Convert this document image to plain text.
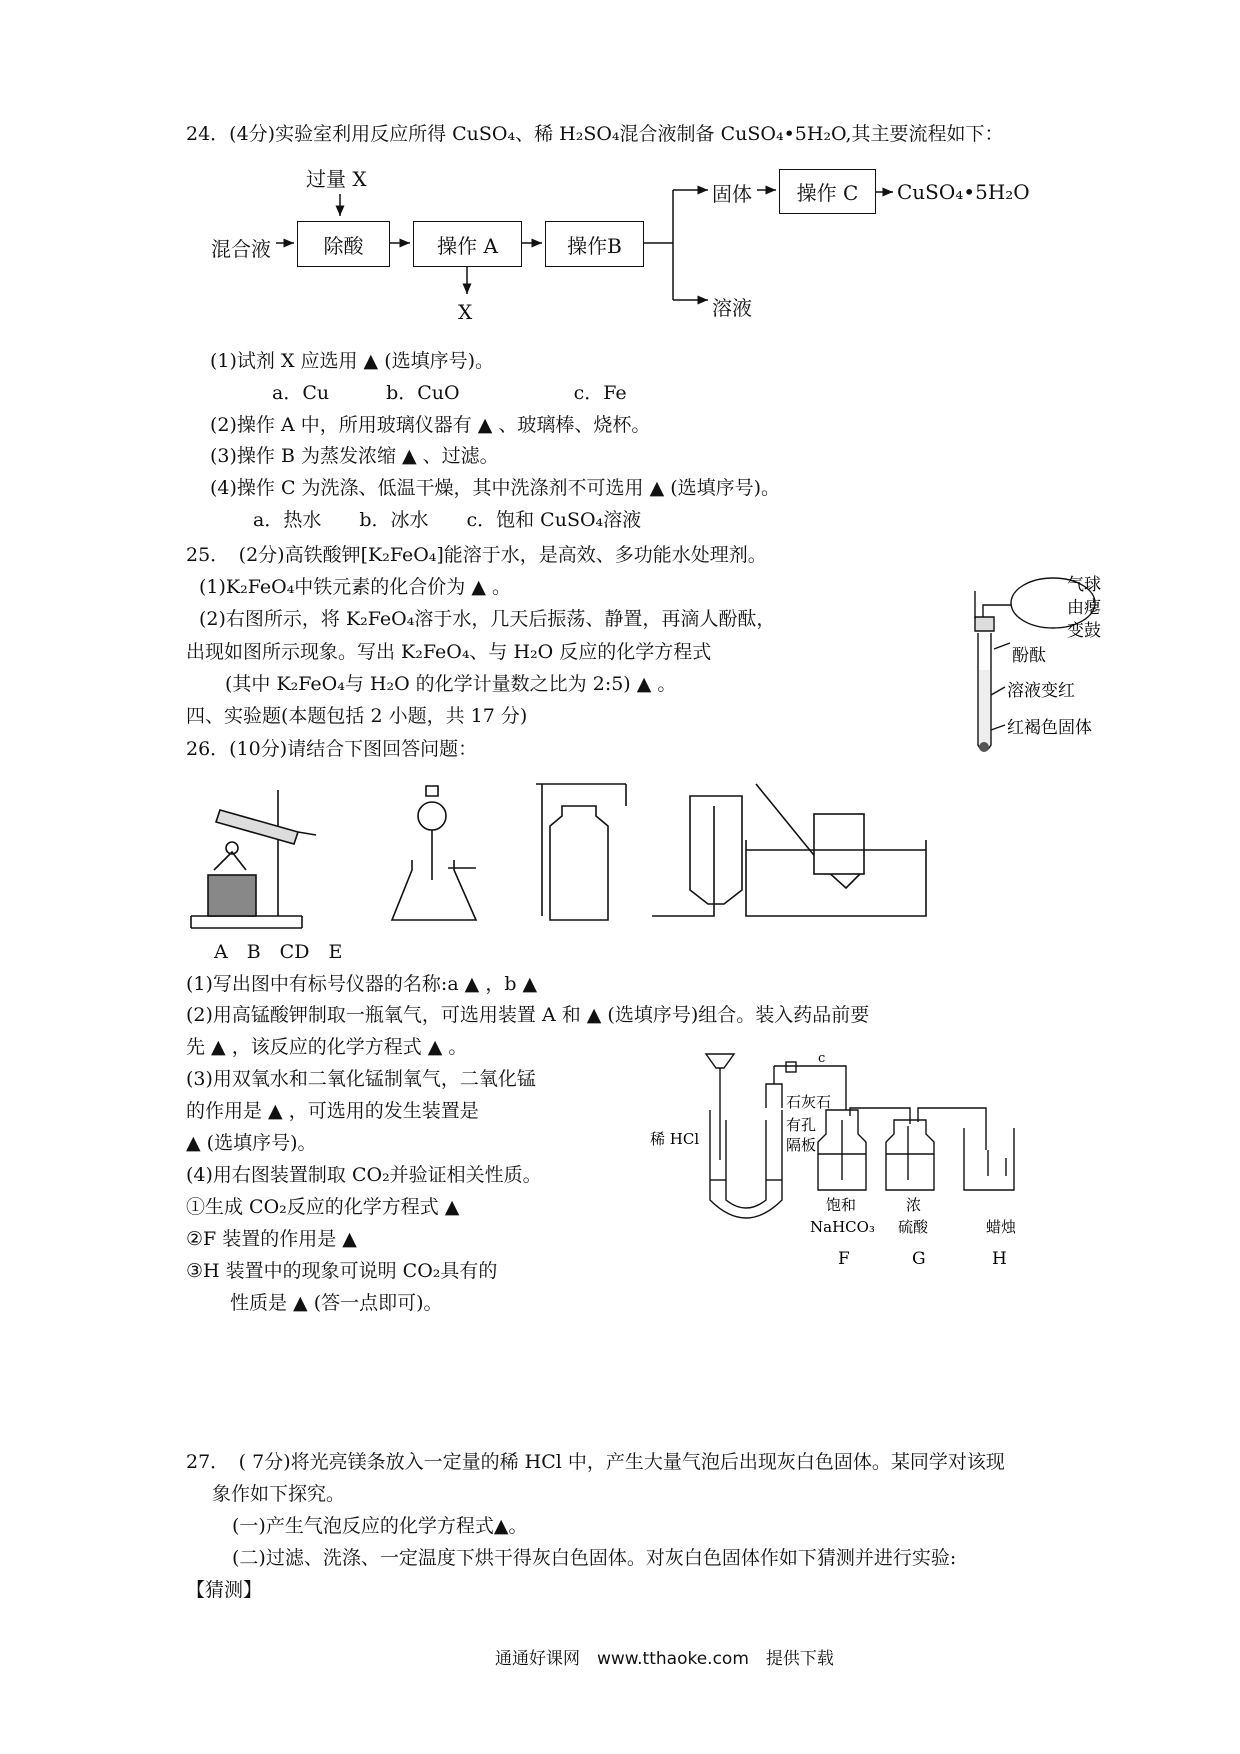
24．(4分)实验室利用反应所得 CuSO₄、稀 H₂SO₄混合液制备 CuSO₄•5H₂O,其主要流程如下：
过量 X
混合液	除酸	操作 A
X
操作B
固体	操作 C	CuSO₄•5H₂O
溶液
(1)试剂 X 应选用 ▲ (选填序号)。
a．Cu　　　b．CuO　　　　　　c．Fe
(2)操作 A 中，所用玻璃仪器有 ▲ 、玻璃棒、烧杯。
(3)操作 B 为蒸发浓缩 ▲ 、过滤。
(4)操作 C 为洗涤、低温干燥，其中洗涤剂不可选用 ▲ (选填序号)。
a．热水　　b．冰水　　c．饱和 CuSO₄溶液
25．　(2分)高铁酸钾[K₂FeO₄]能溶于水，是高效、多功能水处理剂。
(1)K₂FeO₄中铁元素的化合价为 ▲ 。
(2)右图所示，将 K₂FeO₄溶于水，几天后振荡、静置，再滴人酚酞，
出现如图所示现象。写出 K₂FeO₄、与 H₂O 反应的化学方程式
(其中 K₂FeO₄与 H₂O 的化学计量数之比为 2:5) ▲ 。
气球
由瘪
变鼓
酚酞
溶液变红
红褐色固体
四、实验题(本题包括 2 小题，共 17 分)
26．(10分)请结合下图回答问题：
A　B　CD　E
(1)写出图中有标号仪器的名称:a ▲ ，b ▲
(2)用高锰酸钾制取一瓶氧气，可选用装置 A 和 ▲ (选填序号)组合。装入药品前要
先 ▲ ，该反应的化学方程式 ▲ 。
(3)用双氧水和二氧化锰制氧气，二氧化锰
的作用是 ▲ ，可选用的发生装置是
▲ (选填序号)。
(4)用右图装置制取 CO₂并验证相关性质。
①生成 CO₂反应的化学方程式 ▲
②F 装置的作用是 ▲
③H 装置中的现象可说明 CO₂具有的
性质是 ▲ (答一点即可)。
c
稀 HCl
石灰石
有孔
隔板
饱和
NaHCO₃
浓
硫酸	蜡烛
F	G	H
27．　( 7分)将光亮镁条放入一定量的稀 HCl 中，产生大量气泡后出现灰白色固体。某同学对该现
象作如下探究。
(一)产生气泡反应的化学方程式▲。
(二)过滤、洗涤、一定温度下烘干得灰白色固体。对灰白色固体作如下猜测并进行实验:
【猜测】
通通好课网　www.tthaoke.com　提供下载
